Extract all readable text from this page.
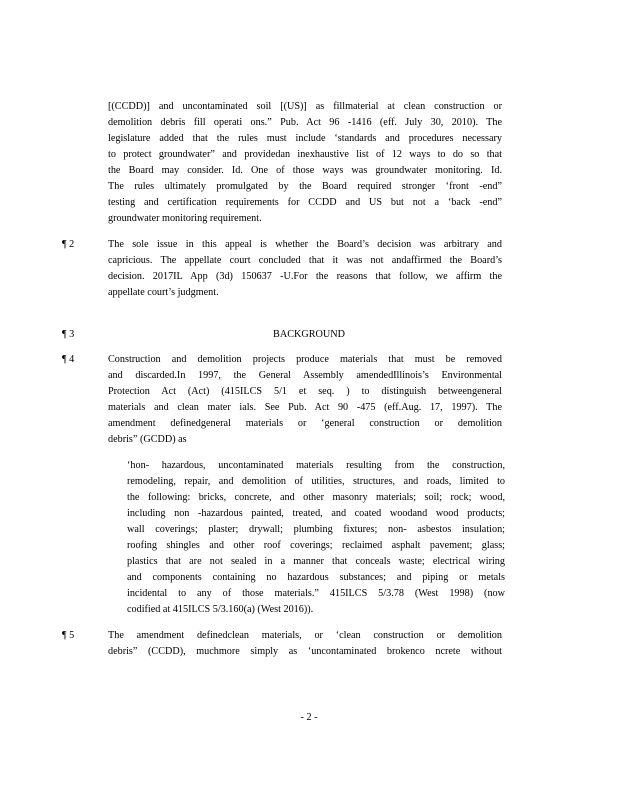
[(CCDD)] and uncontaminated soil [(US)] as fillmaterial at clean construction or
demolition debris fill operati ons.” Pub. Act 96 -1416 (eff. July 30, 2010). The
legislature added that the rules must include ‘standards and procedures necessary
to protect groundwater” and providedan inexhaustive list of 12 ways to do so that
the Board may consider. Id. One of those ways was groundwater monitoring. Id.
The rules ultimately promulgated by the Board required stronger ‘front -end”
testing and certification requirements for CCDD and US but not a ‘back -end”
groundwater monitoring requirement.
¶ 2	The sole issue in this appeal is whether the Board’s decision was arbitrary and
capricious. The appellate court concluded that it was not andaffirmed the Board’s
decision. 2017IL App (3d) 150637 -U.For the reasons that follow, we affirm the
appellate court’s judgment.
¶ 3	BACKGROUND
¶ 4	Construction and demolition projects produce materials that must be removed
and discarded.In 1997, the General Assembly amendedIllinois’s Environmental
Protection Act (Act) (415ILCS 5/1 et seq. ) to distinguish betweengeneral
materials and clean mater ials. See Pub. Act 90 -475 (eff.Aug. 17, 1997). The
amendment definedgeneral materials or ‘general construction or demolition
debris” (GCDD) as
‘hon- hazardous, uncontaminated materials resulting from the construction,
remodeling, repair, and demolition of utilities, structures, and roads, limited to
the following: bricks, concrete, and other masonry materials; soil; rock; wood,
including non -hazardous painted, treated, and coated woodand wood products;
wall coverings; plaster; drywall; plumbing fixtures; non- asbestos insulation;
roofing shingles and other roof coverings; reclaimed asphalt pavement; glass;
plastics that are not sealed in a manner that conceals waste; electrical wiring
and components containing no hazardous substances; and piping or metals
incidental to any of those materials.” 415ILCS 5/3.78 (West 1998) (now
codified at 415ILCS 5/3.160(a) (West 2016)).
¶ 5	The amendment definedclean materials, or ‘clean construction or demolition
debris” (CCDD), muchmore simply as ‘uncontaminated brokenco ncrete without
- 2 -
